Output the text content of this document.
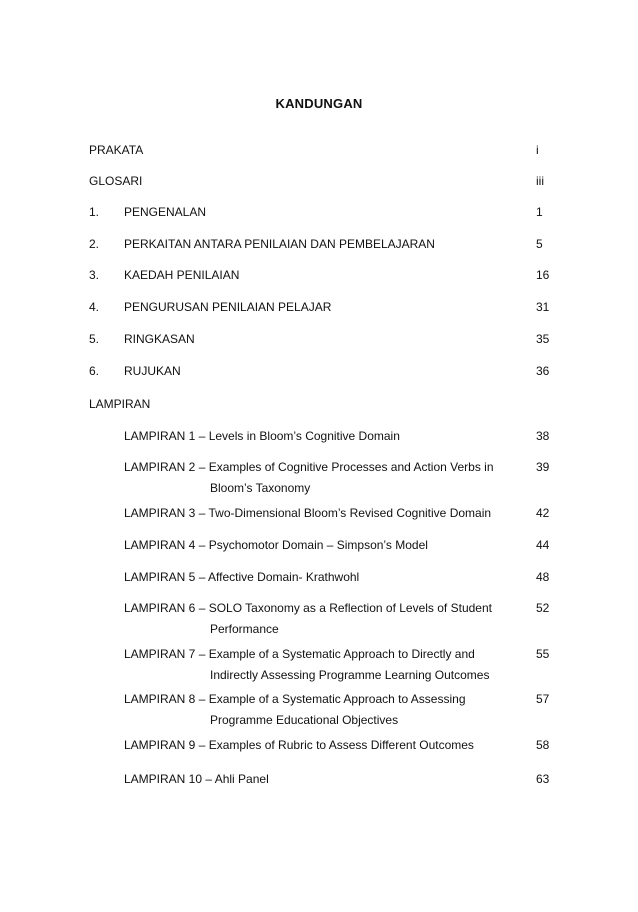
KANDUNGAN
PRAKATA	i
GLOSARI	iii
1. PENGENALAN	1
2. PERKAITAN ANTARA PENILAIAN DAN PEMBELAJARAN	5
3. KAEDAH PENILAIAN	16
4. PENGURUSAN PENILAIAN PELAJAR	31
5. RINGKASAN	35
6. RUJUKAN	36
LAMPIRAN
LAMPIRAN 1 – Levels in Bloom’s Cognitive Domain	38
LAMPIRAN 2 – Examples of Cognitive Processes and Action Verbs in	39
Bloom’s Taxonomy
LAMPIRAN 3 – Two-Dimensional Bloom’s Revised Cognitive Domain	42
LAMPIRAN 4 – Psychomotor Domain – Simpson’s Model	44
LAMPIRAN 5 – Affective Domain- Krathwohl	48
LAMPIRAN 6 – SOLO Taxonomy as a Reflection of Levels of Student	52
Performance
LAMPIRAN 7 – Example of a Systematic Approach to Directly and	55
Indirectly Assessing Programme Learning Outcomes
LAMPIRAN 8 – Example of a Systematic Approach to Assessing	57
Programme Educational Objectives
LAMPIRAN 9 – Examples of Rubric to Assess Different Outcomes	58
LAMPIRAN 10 – Ahli Panel	63
